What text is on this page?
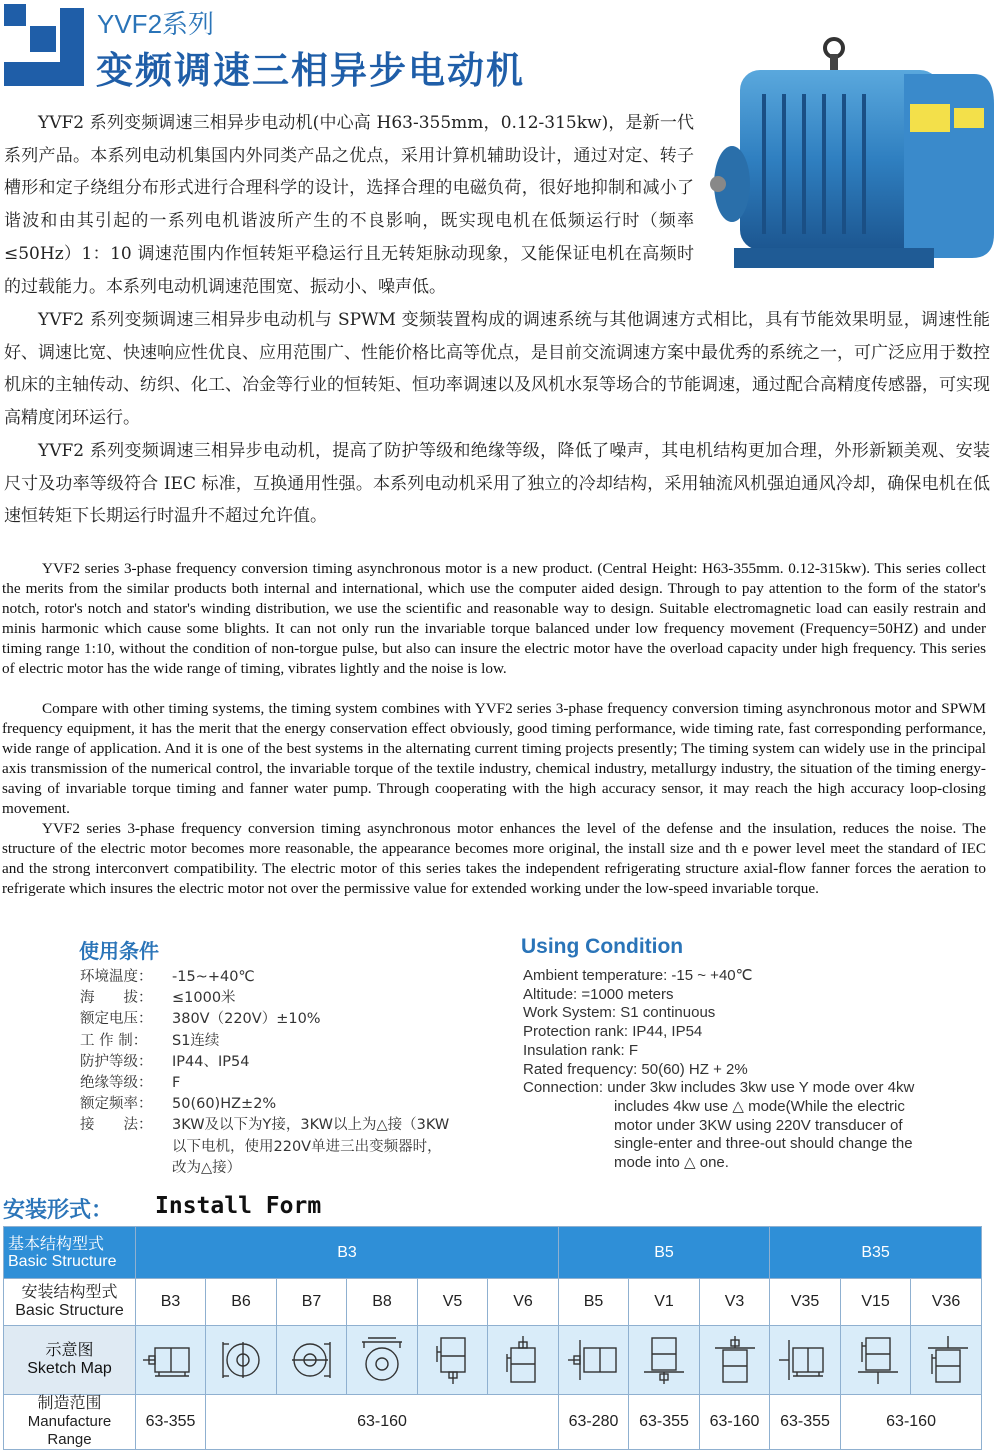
YVF2系列
变频调速三相异步电动机

YVF2 系列变频调速三相异步电动机(中心高 H63-355mm，0.12-315kw)，是新一代系列产品。本系列电动机集国内外同类产品之优点，采用计算机辅助设计，通过对定、转子槽形和定子绕组分布形式进行合理科学的设计，选择合理的电磁负荷，很好地抑制和减小了谐波和由其引起的一系列电机谐波所产生的不良影响，既实现电机在低频运行时（频率≤50Hz）1：10 调速范围内作恒转矩平稳运行且无转矩脉动现象，又能保证电机在高频时的过载能力。本系列电动机调速范围宽、振动小、噪声低。

YVF2 系列变频调速三相异步电动机与 SPWM 变频装置构成的调速系统与其他调速方式相比，具有节能效果明显，调速性能好、调速比宽、快速响应性优良、应用范围广、性能价格比高等优点，是目前交流调速方案中最优秀的系统之一，可广泛应用于数控机床的主轴传动、纺织、化工、冶金等行业的恒转矩、恒功率调速以及风机水泵等场合的节能调速，通过配合高精度传感器，可实现高精度闭环运行。

YVF2 系列变频调速三相异步电动机，提高了防护等级和绝缘等级，降低了噪声，其电机结构更加合理，外形新颖美观、安装尺寸及功率等级符合 IEC 标准，互换通用性强。本系列电动机采用了独立的冷却结构，采用轴流风机强迫通风冷却，确保电机在低速恒转矩下长期运行时温升不超过允许值。

YVF2 series 3-phase frequency conversion timing asynchronous motor is a new product. (Central Height: H63-355mm. 0.12-315kw). This series collect the merits from the similar products both internal and international, which use the computer aided design. Through to pay attention to the form of the stator's notch, rotor's notch and stator's winding distribution, we use the scientific and reasonable way to design. Suitable electromagnetic load can easily restrain and minis harmonic which cause some blights. It can not only run the invariable torque balanced under low frequency movement (Frequency=50HZ) and under timing range 1:10, without the condition of non-torgue pulse, but also can insure the electric motor have the overload capacity under high frequency. This series of electric motor has the wide range of timing, vibrates lightly and the noise is low.

Compare with other timing systems, the timing system combines with YVF2 series 3-phase frequency conversion timing asynchronous motor and SPWM frequency equipment, it has the merit that the energy conservation effect obviously, good timing performance, wide timing rate, fast corresponding performance, wide range of application. And it is one of the best systems in the alternating current timing projects presently; The timing system can widely use in the principal axis transmission of the numerical control, the invariable torque of the textile industry, chemical industry, metallurgy industry, the situation of the timing energy-saving of invariable torque timing and fanner water pump. Through cooperating with the high accuracy sensor, it may reach the high accuracy loop-closing movement.

YVF2 series 3-phase frequency conversion timing asynchronous motor enhances the level of the defense and the insulation, reduces the noise. The structure of the electric motor becomes more reasonable, the appearance becomes more original, the install size and th e power level meet the standard of IEC and the strong interconvert compatibility. The electric motor of this series takes the independent refrigerating structure axial-flow fanner forces the aeration to refrigerate which insures the electric motor not over the permissive value for extended working under the low-speed invariable torque.

使用条件	Using Condition
环境温度：	-15~+40℃
海　　拔：	≤1000米
额定电压：	380V（220V）±10%
工 作 制：	S1连续
防护等级：	IP44、IP54
绝缘等级：	F
额定频率：	50(60)HZ±2%
接　　法：	3KW及以下为Y接，3KW以上为△接（3KW以下电机，使用220V单进三出变频器时，改为△接）
Ambient temperature: -15 ~ +40℃
Altitude: =1000 meters
Work System: S1 continuous
Protection rank: IP44, IP54
Insulation rank: F
Rated frequency: 50(60) HZ + 2%
Connection: under 3kw includes 3kw use Y mode over 4kw
includes 4kw use △ mode(While the electric motor under 3KW using 220V transducer of single-enter and three-out should change the mode into △ one.
安装形式： Install Form
基本结构型式
Basic Structure	B3						B5			B35		

安装结构型式
Basic Structure	B3	B6	B7	B8	V5	V6	B5	V1	V3	V35	V15	V36

示意图
Sketch Map

制造范围
Manufacture Range	63-355	63-160					63-280	63-355	63-160	63-355	63-160	
